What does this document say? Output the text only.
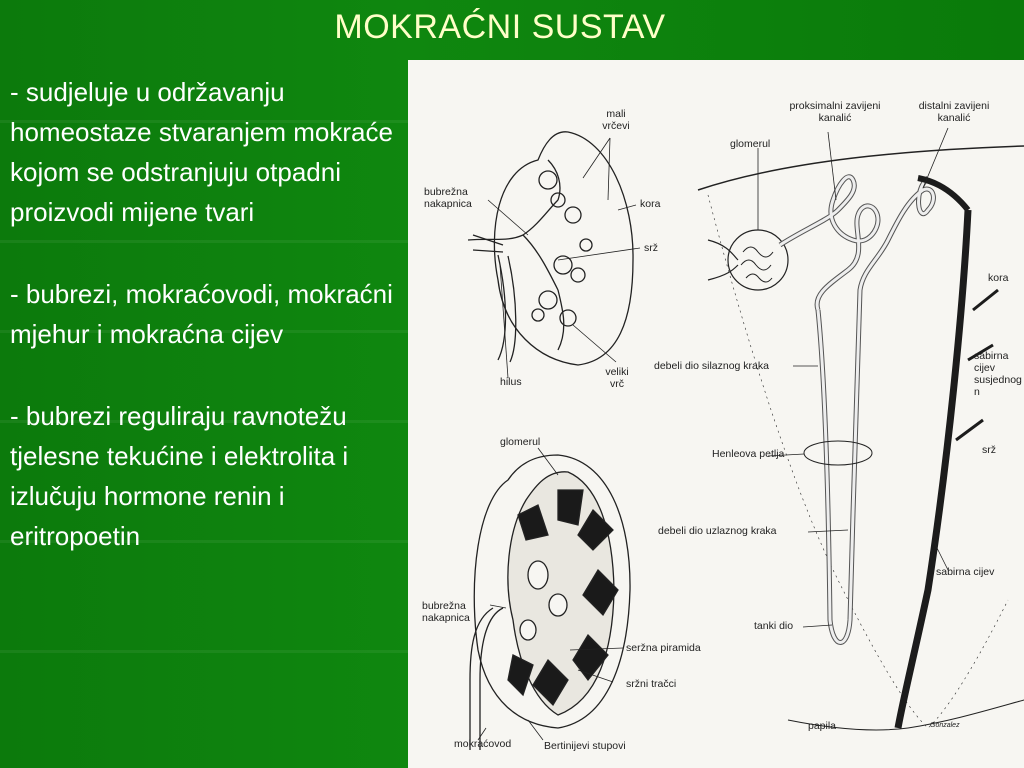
MOKRAĆNI SUSTAV
- sudjeluje u održavanju homeostaze stvaranjem mokraće kojom se odstranjuju otpadni proizvodi mijene tvari
- bubrezi, mokraćovodi, mokraćni mjehur i mokraćna cijev
- bubrezi reguliraju ravnotežu tjelesne tekućine i elektrolita i izlučuju hormone renin i eritropoetin
mali vrčevi
bubrežna nakapnica	kora
srž
hilus
veliki vrč
glomerul
bubrežna nakapnica
seržna piramida
sržni tračci
mokraćovod	Bertinijevi stupovi
proksimalni zavijeni kanalić
distalni zavijeni kanalić
glomerul
kora
sabirna cijev susjednog n
debeli dio silaznog kraka
Henleova petlja	srž
debeli dio uzlaznog kraka
sabirna cijev
tanki dio
papila	Gonzalez
